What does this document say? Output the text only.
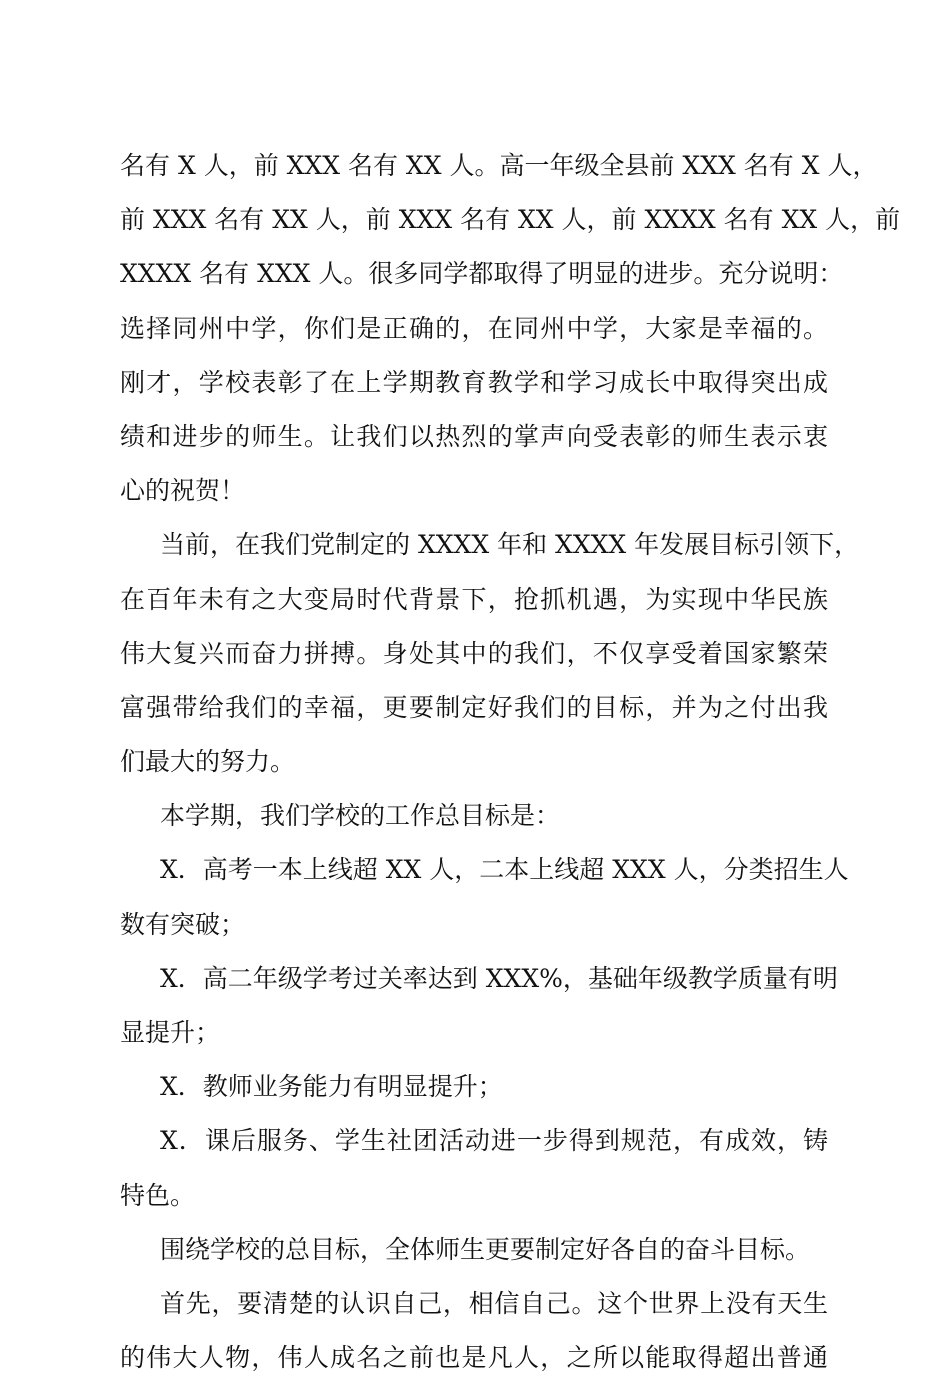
名有 X 人，前 XXX 名有 XX 人。高一年级全县前 XXX 名有 X 人，
前 XXX 名有 XX 人，前 XXX 名有 XX 人，前 XXXX 名有 XX 人，前
XXXX 名有 XXX 人。很多同学都取得了明显的进步。充分说明：
选择同州中学，你们是正确的，在同州中学，大家是幸福的。
刚才，学校表彰了在上学期教育教学和学习成长中取得突出成
绩和进步的师生。让我们以热烈的掌声向受表彰的师生表示衷
心的祝贺！
当前，在我们党制定的 XXXX 年和 XXXX 年发展目标引领下，
在百年未有之大变局时代背景下，抢抓机遇，为实现中华民族
伟大复兴而奋力拼搏。身处其中的我们，不仅享受着国家繁荣
富强带给我们的幸福，更要制定好我们的目标，并为之付出我
们最大的努力。
本学期，我们学校的工作总目标是：
X．高考一本上线超 XX 人，二本上线超 XXX 人，分类招生人
数有突破；
X．高二年级学考过关率达到 XXX%，基础年级教学质量有明
显提升；
X．教师业务能力有明显提升；
X．课后服务、学生社团活动进一步得到规范，有成效，铸
特色。
围绕学校的总目标，全体师生更要制定好各自的奋斗目标。
首先，要清楚的认识自己，相信自己。这个世界上没有天生
的伟大人物，伟人成名之前也是凡人，之所以能取得超出普通
